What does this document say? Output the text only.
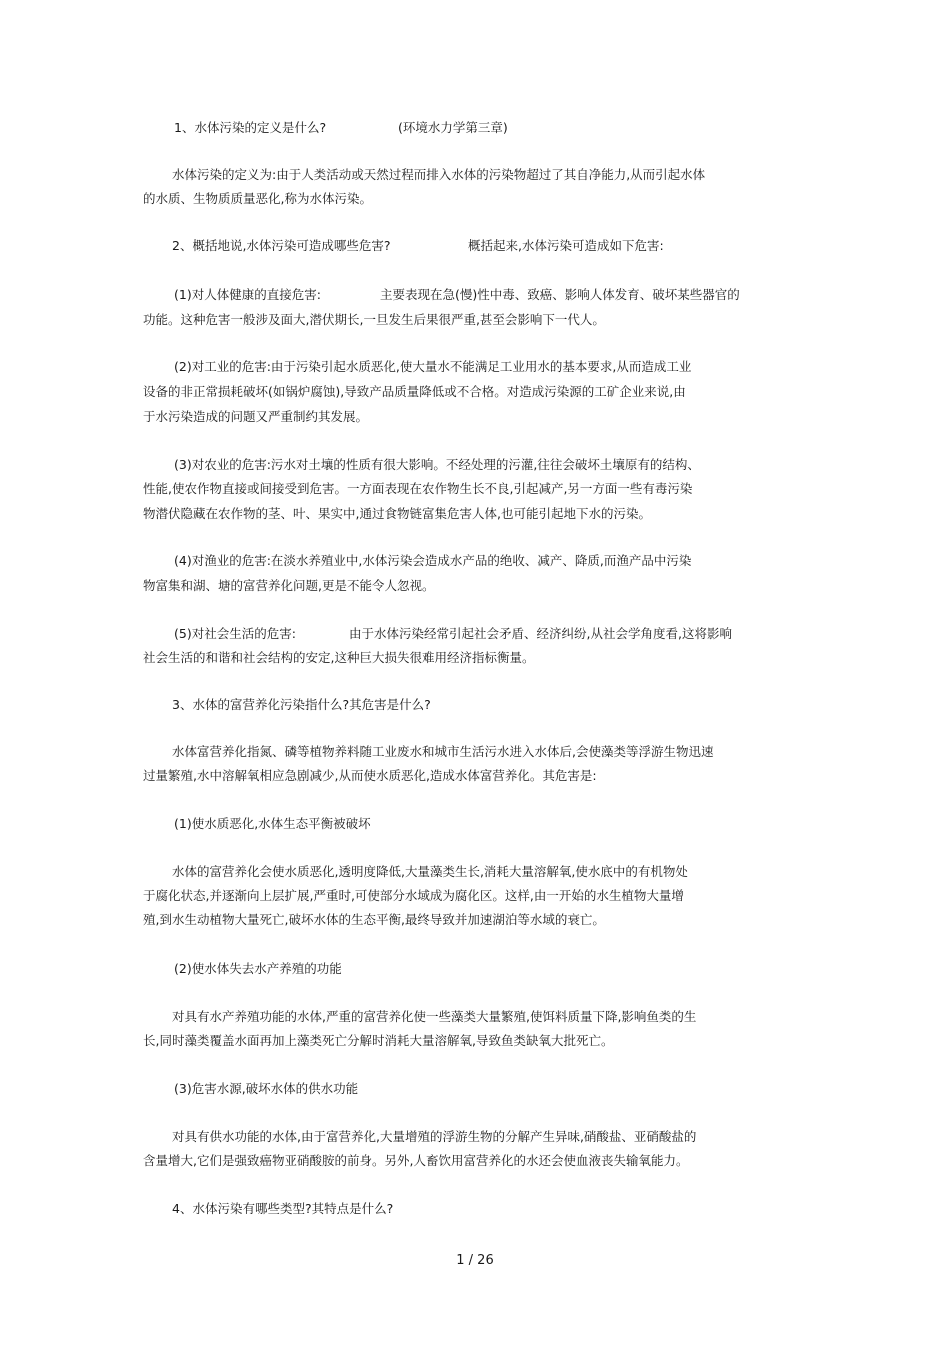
1、水体污染的定义是什么?	(环境水力学第三章)
水体污染的定义为:由于人类活动或天然过程而排入水体的污染物超过了其自净能力,从而引起水体
的水质、生物质质量恶化,称为水体污染。
2、概括地说,水体污染可造成哪些危害?	概括起来,水体污染可造成如下危害:
(1)对人体健康的直接危害:	主要表现在急(慢)性中毒、致癌、影响人体发育、破坏某些器官的
功能。这种危害一般涉及面大,潜伏期长,一旦发生后果很严重,甚至会影响下一代人。
(2)对工业的危害:由于污染引起水质恶化,使大量水不能满足工业用水的基本要求,从而造成工业
设备的非正常损耗破坏(如锅炉腐蚀),导致产品质量降低或不合格。对造成污染源的工矿企业来说,由
于水污染造成的问题又严重制约其发展。
(3)对农业的危害:污水对土壤的性质有很大影响。不经处理的污灌,往往会破坏土壤原有的结构、
性能,使农作物直接或间接受到危害。一方面表现在农作物生长不良,引起减产,另一方面一些有毒污染
物潜伏隐藏在农作物的茎、叶、果实中,通过食物链富集危害人体,也可能引起地下水的污染。
(4)对渔业的危害:在淡水养殖业中,水体污染会造成水产品的绝收、减产、降质,而渔产品中污染
物富集和湖、塘的富营养化问题,更是不能令人忽视。
(5)对社会生活的危害:	由于水体污染经常引起社会矛盾、经济纠纷,从社会学角度看,这将影响
社会生活的和谐和社会结构的安定,这种巨大损失很难用经济指标衡量。
3、水体的富营养化污染指什么?其危害是什么?
水体富营养化指氮、磷等植物养料随工业废水和城市生活污水进入水体后,会使藻类等浮游生物迅速
过量繁殖,水中溶解氧相应急剧减少,从而使水质恶化,造成水体富营养化。其危害是:
(1)使水质恶化,水体生态平衡被破坏
水体的富营养化会使水质恶化,透明度降低,大量藻类生长,消耗大量溶解氧,使水底中的有机物处
于腐化状态,并逐渐向上层扩展,严重时,可使部分水域成为腐化区。这样,由一开始的水生植物大量增
殖,到水生动植物大量死亡,破坏水体的生态平衡,最终导致并加速湖泊等水域的衰亡。
(2)使水体失去水产养殖的功能
对具有水产养殖功能的水体,严重的富营养化使一些藻类大量繁殖,使饵料质量下降,影响鱼类的生
长,同时藻类覆盖水面再加上藻类死亡分解时消耗大量溶解氧,导致鱼类缺氧大批死亡。
(3)危害水源,破坏水体的供水功能
对具有供水功能的水体,由于富营养化,大量增殖的浮游生物的分解产生异味,硝酸盐、亚硝酸盐的
含量增大,它们是强致癌物亚硝酸胺的前身。另外,人畜饮用富营养化的水还会使血液丧失输氧能力。
4、水体污染有哪些类型?其特点是什么?
1 / 26
